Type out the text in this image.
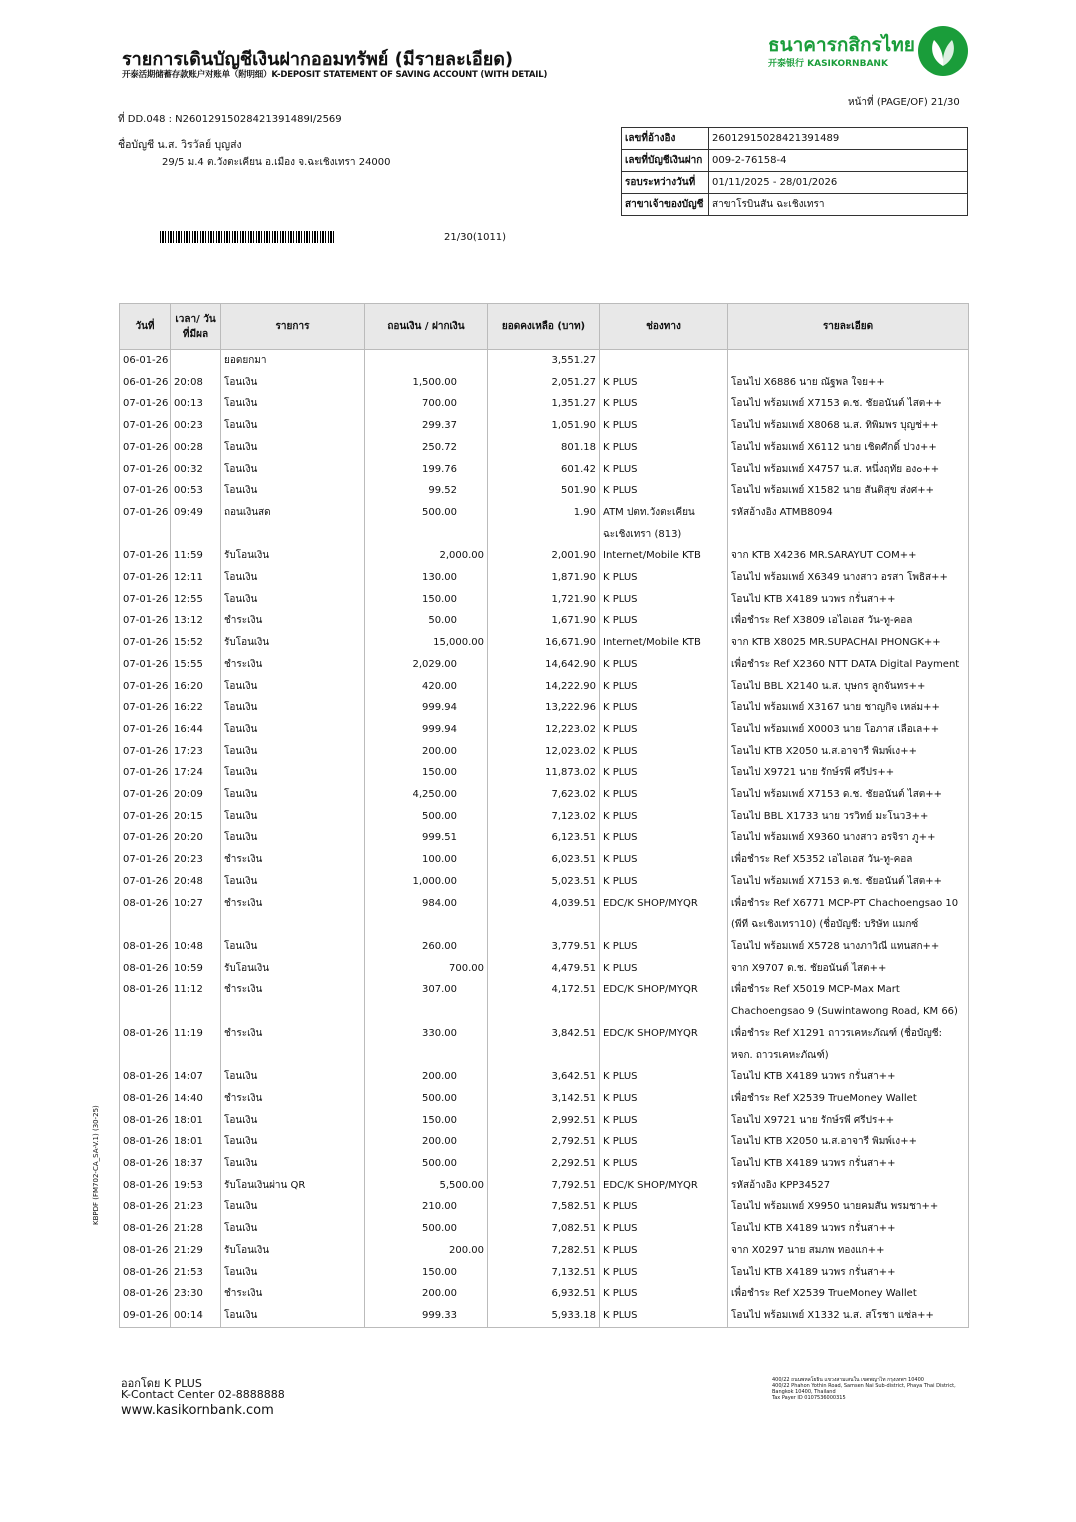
รายการเดินบัญชีเงินฝากออมทรัพย์ (มีรายละเอียด)
开泰活期储蓄存款账户对账单（附明细）K-DEPOSIT STATEMENT OF SAVING ACCOUNT (WITH DETAIL)
ธนาคารกสิกรไทย
开泰银行 KASIKORNBANK
หน้าที่ (PAGE/OF) 21/30
ที่ DD.048 : N26012915028421391489I/2569
ชื่อบัญชี น.ส. วิรวัลย์ บุญส่ง
29/5 ม.4 ต.วังตะเคียน อ.เมือง จ.ฉะเชิงเทรา 24000
21/30(1011)
เลขที่อ้างอิง	26012915028421391489
เลขที่บัญชีเงินฝาก	009-2-76158-4
รอบระหว่างวันที่	01/11/2025 - 28/01/2026
สาขาเจ้าของบัญชี	สาขาโรบินสัน ฉะเชิงเทรา
วันที่	เวลา/ วันที่มีผล	รายการ	ถอนเงิน / ฝากเงิน	ยอดคงเหลือ (บาท)	ช่องทาง	รายละเอียด
06-01-26		ยอดยกมา		3,551.27		
06-01-26	20:08	โอนเงิน	1,500.00	2,051.27	K PLUS	โอนไป X6886 นาย ณัฐพล ใจย++
07-01-26	00:13	โอนเงิน	700.00	1,351.27	K PLUS	โอนไป พร้อมเพย์ X7153 ด.ช. ชัยอนันต์ ไสต++
07-01-26	00:23	โอนเงิน	299.37	1,051.90	K PLUS	โอนไป พร้อมเพย์ X8068 น.ส. ทิพิมพร บุญช่++
07-01-26	00:28	โอนเงิน	250.72	801.18	K PLUS	โอนไป พร้อมเพย์ X6112 นาย เชิดศักดิ์ ปวง++
07-01-26	00:32	โอนเงิน	199.76	601.42	K PLUS	โอนไป พร้อมเพย์ X4757 น.ส. หนึ่งฤทัย อง๐++
07-01-26	00:53	โอนเงิน	99.52	501.90	K PLUS	โอนไป พร้อมเพย์ X1582 นาย สันติสุข ส่งศ++
07-01-26	09:49	ถอนเงินสด	500.00	1.90	ATM ปตท.วังตะเคียน ฉะเชิงเทรา (813)	รหัสอ้างอิง ATMB8094
07-01-26	11:59	รับโอนเงิน	2,000.00	2,001.90	Internet/Mobile KTB	จาก KTB X4236 MR.SARAYUT COM++
07-01-26	12:11	โอนเงิน	130.00	1,871.90	K PLUS	โอนไป พร้อมเพย์ X6349 นางสาว อรสา โพธิส++
07-01-26	12:55	โอนเงิน	150.00	1,721.90	K PLUS	โอนไป KTB X4189 นวพร กรั่นสา++
07-01-26	13:12	ชำระเงิน	50.00	1,671.90	K PLUS	เพื่อชำระ Ref X3809 เอไอเอส วัน-ทู-คอล
07-01-26	15:52	รับโอนเงิน	15,000.00	16,671.90	Internet/Mobile KTB	จาก KTB X8025 MR.SUPACHAI PHONGK++
07-01-26	15:55	ชำระเงิน	2,029.00	14,642.90	K PLUS	เพื่อชำระ Ref X2360 NTT DATA Digital Payment
07-01-26	16:20	โอนเงิน	420.00	14,222.90	K PLUS	โอนไป BBL X2140 น.ส. บุษกร ลูกจันทร++
07-01-26	16:22	โอนเงิน	999.94	13,222.96	K PLUS	โอนไป พร้อมเพย์ X3167 นาย ชาญกิจ เหล่ม++
07-01-26	16:44	โอนเงิน	999.94	12,223.02	K PLUS	โอนไป พร้อมเพย์ X0003 นาย โอภาส เลือเล++
07-01-26	17:23	โอนเงิน	200.00	12,023.02	K PLUS	โอนไป KTB X2050 น.ส.อาจารี พิมพ์เง++
07-01-26	17:24	โอนเงิน	150.00	11,873.02	K PLUS	โอนไป X9721 นาย รักษ์รพี ศรีปร++
07-01-26	20:09	โอนเงิน	4,250.00	7,623.02	K PLUS	โอนไป พร้อมเพย์ X7153 ด.ช. ชัยอนันต์ ไสต++
07-01-26	20:15	โอนเงิน	500.00	7,123.02	K PLUS	โอนไป BBL X1733 นาย วรวิทย์ มะโนว3++
07-01-26	20:20	โอนเงิน	999.51	6,123.51	K PLUS	โอนไป พร้อมเพย์ X9360 นางสาว อรจิรา ภู++
07-01-26	20:23	ชำระเงิน	100.00	6,023.51	K PLUS	เพื่อชำระ Ref X5352 เอไอเอส วัน-ทู-คอล
07-01-26	20:48	โอนเงิน	1,000.00	5,023.51	K PLUS	โอนไป พร้อมเพย์ X7153 ด.ช. ชัยอนันต์ ไสต++
08-01-26	10:27	ชำระเงิน	984.00	4,039.51	EDC/K SHOP/MYQR	เพื่อชำระ Ref X6771 MCP-PT Chachoengsao 10 (พีที ฉะเชิงเทรา10) (ชื่อบัญชี: บริษัท แมกซ์
08-01-26	10:48	โอนเงิน	260.00	3,779.51	K PLUS	โอนไป พร้อมเพย์ X5728 นางภาวิณี แทนสก++
08-01-26	10:59	รับโอนเงิน	700.00	4,479.51	K PLUS	จาก X9707 ด.ช. ชัยอนันต์ ไสต++
08-01-26	11:12	ชำระเงิน	307.00	4,172.51	EDC/K SHOP/MYQR	เพื่อชำระ Ref X5019 MCP-Max Mart Chachoengsao 9 (Suwintawong Road, KM 66)
08-01-26	11:19	ชำระเงิน	330.00	3,842.51	EDC/K SHOP/MYQR	เพื่อชำระ Ref X1291 ถาวรเคหะภัณฑ์ (ชื่อบัญชี: หจก. ถาวรเคหะภัณฑ์)
08-01-26	14:07	โอนเงิน	200.00	3,642.51	K PLUS	โอนไป KTB X4189 นวพร กรั่นสา++
08-01-26	14:40	ชำระเงิน	500.00	3,142.51	K PLUS	เพื่อชำระ Ref X2539 TrueMoney Wallet
08-01-26	18:01	โอนเงิน	150.00	2,992.51	K PLUS	โอนไป X9721 นาย รักษ์รพี ศรีปร++
08-01-26	18:01	โอนเงิน	200.00	2,792.51	K PLUS	โอนไป KTB X2050 น.ส.อาจารี พิมพ์เง++
08-01-26	18:37	โอนเงิน	500.00	2,292.51	K PLUS	โอนไป KTB X4189 นวพร กรั่นสา++
08-01-26	19:53	รับโอนเงินผ่าน QR	5,500.00	7,792.51	EDC/K SHOP/MYQR	รหัสอ้างอิง KPP34527
08-01-26	21:23	โอนเงิน	210.00	7,582.51	K PLUS	โอนไป พร้อมเพย์ X9950 นายคมสัน พรมชา++
08-01-26	21:28	โอนเงิน	500.00	7,082.51	K PLUS	โอนไป KTB X4189 นวพร กรั่นสา++
08-01-26	21:29	รับโอนเงิน	200.00	7,282.51	K PLUS	จาก X0297 นาย สมภพ ทองแก++
08-01-26	21:53	โอนเงิน	150.00	7,132.51	K PLUS	โอนไป KTB X4189 นวพร กรั่นสา++
08-01-26	23:30	ชำระเงิน	200.00	6,932.51	K PLUS	เพื่อชำระ Ref X2539 TrueMoney Wallet
09-01-26	00:14	โอนเงิน	999.33	5,933.18	K PLUS	โอนไป พร้อมเพย์ X1332 น.ส. สโรชา แซ่ล++
KBPDF (FM702-CA_SA-V.1) (30-25)
ออกโดย K PLUS
K-Contact Center 02-8888888
www.kasikornbank.com
400/22 ถนนพหลโยธิน แขวงสามเสนใน เขตพญาไท กรุงเทพฯ 10400
400/22 Phahon Yothin Road, Samsen Nai Sub-district, Phaya Thai District, Bangkok 10400, Thailand
Tax Payer ID 0107536000315
